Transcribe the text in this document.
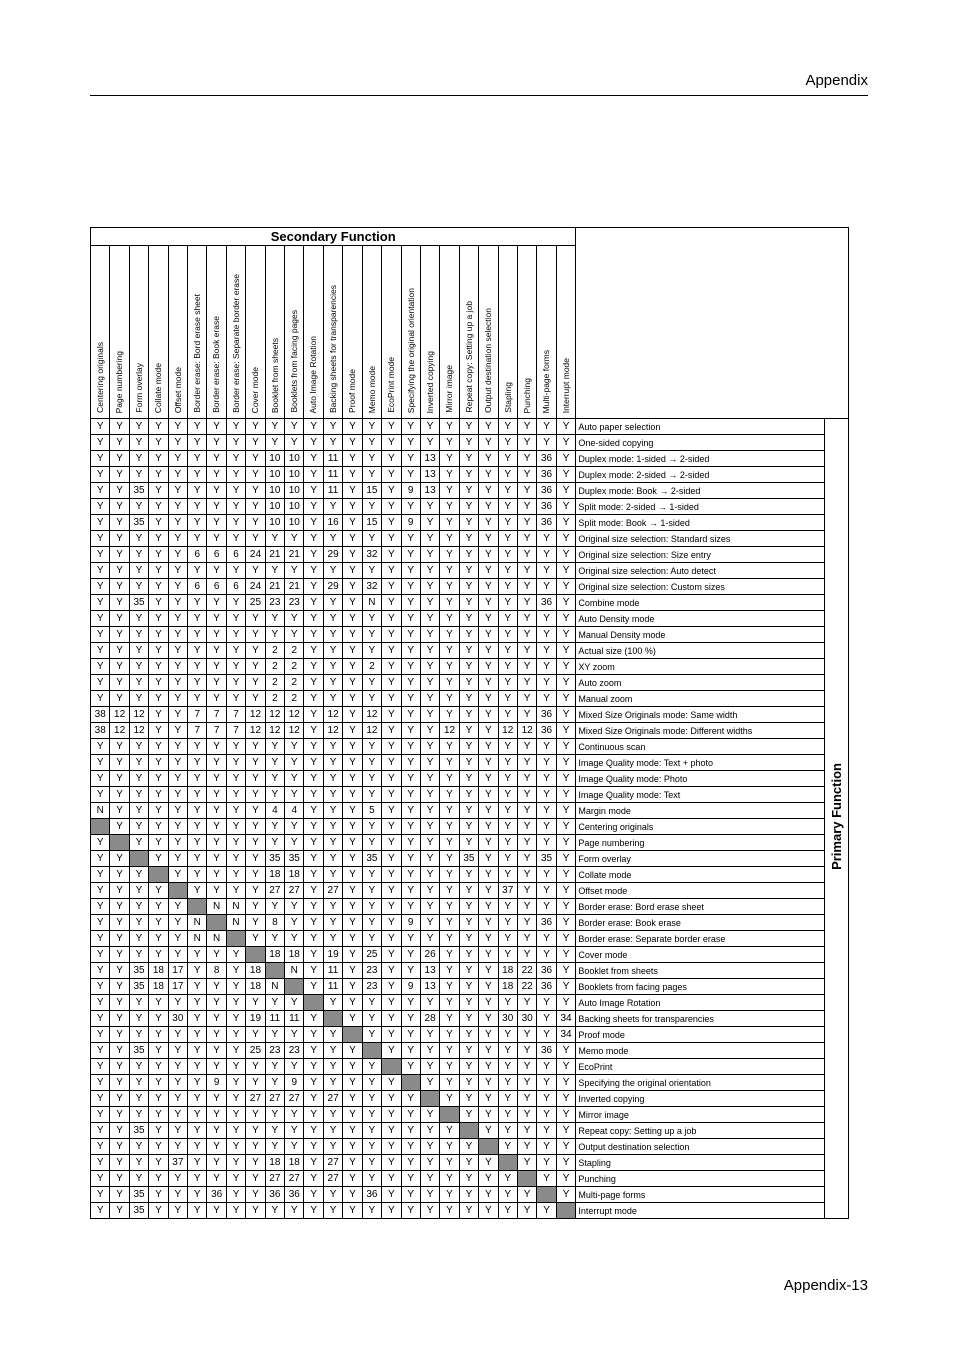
Appendix
Secondary Function																										
Centering originals	Page numbering	Form overlay	Collate mode	Offset mode	Border erase: Bord erase sheet	Border erase: Book erase	Border erase: Separate border erase	Cover mode	Booklet from sheets	Booklets from facing pages	Auto Image Rotation	Backing sheets for transparencies	Proof mode	Memo mode	EcoPrint mode	Specifying the original orientation	Inverted copying	Mirror image	Repeat copy: Setting up a job	Output destination selection	Stapling	Punching	Multi-page forms	Interrupt mode		
Y	Y	Y	Y	Y	Y	Y	Y	Y	Y	Y	Y	Y	Y	Y	Y	Y	Y	Y	Y	Y	Y	Y	Y	Y	Auto paper selection	Primary Function
Y	Y	Y	Y	Y	Y	Y	Y	Y	Y	Y	Y	Y	Y	Y	Y	Y	Y	Y	Y	Y	Y	Y	Y	Y	One-sided copying	
Y	Y	Y	Y	Y	Y	Y	Y	Y	10	10	Y	11	Y	Y	Y	Y	13	Y	Y	Y	Y	Y	36	Y	Duplex mode: 1-sided → 2-sided	
Y	Y	Y	Y	Y	Y	Y	Y	Y	10	10	Y	11	Y	Y	Y	Y	13	Y	Y	Y	Y	Y	36	Y	Duplex mode: 2-sided → 2-sided	
Y	Y	35	Y	Y	Y	Y	Y	Y	10	10	Y	11	Y	15	Y	9	13	Y	Y	Y	Y	Y	36	Y	Duplex mode: Book → 2-sided	
Y	Y	Y	Y	Y	Y	Y	Y	Y	10	10	Y	Y	Y	Y	Y	Y	Y	Y	Y	Y	Y	Y	36	Y	Split mode: 2-sided → 1-sided	
Y	Y	35	Y	Y	Y	Y	Y	Y	10	10	Y	16	Y	15	Y	9	Y	Y	Y	Y	Y	Y	36	Y	Split mode: Book → 1-sided	
Y	Y	Y	Y	Y	Y	Y	Y	Y	Y	Y	Y	Y	Y	Y	Y	Y	Y	Y	Y	Y	Y	Y	Y	Y	Original size selection: Standard sizes	
Y	Y	Y	Y	Y	6	6	6	24	21	21	Y	29	Y	32	Y	Y	Y	Y	Y	Y	Y	Y	Y	Y	Original size selection: Size entry	
Y	Y	Y	Y	Y	Y	Y	Y	Y	Y	Y	Y	Y	Y	Y	Y	Y	Y	Y	Y	Y	Y	Y	Y	Y	Original size selection: Auto detect	
Y	Y	Y	Y	Y	6	6	6	24	21	21	Y	29	Y	32	Y	Y	Y	Y	Y	Y	Y	Y	Y	Y	Original size selection: Custom sizes	
Y	Y	35	Y	Y	Y	Y	Y	25	23	23	Y	Y	Y	N	Y	Y	Y	Y	Y	Y	Y	Y	36	Y	Combine mode	
Y	Y	Y	Y	Y	Y	Y	Y	Y	Y	Y	Y	Y	Y	Y	Y	Y	Y	Y	Y	Y	Y	Y	Y	Y	Auto Density mode	
Y	Y	Y	Y	Y	Y	Y	Y	Y	Y	Y	Y	Y	Y	Y	Y	Y	Y	Y	Y	Y	Y	Y	Y	Y	Manual Density mode	
Y	Y	Y	Y	Y	Y	Y	Y	Y	2	2	Y	Y	Y	Y	Y	Y	Y	Y	Y	Y	Y	Y	Y	Y	Actual size (100 %)	
Y	Y	Y	Y	Y	Y	Y	Y	Y	2	2	Y	Y	Y	2	Y	Y	Y	Y	Y	Y	Y	Y	Y	Y	XY zoom	
Y	Y	Y	Y	Y	Y	Y	Y	Y	2	2	Y	Y	Y	Y	Y	Y	Y	Y	Y	Y	Y	Y	Y	Y	Auto zoom	
Y	Y	Y	Y	Y	Y	Y	Y	Y	2	2	Y	Y	Y	Y	Y	Y	Y	Y	Y	Y	Y	Y	Y	Y	Manual zoom	
38	12	12	Y	Y	7	7	7	12	12	12	Y	12	Y	12	Y	Y	Y	Y	Y	Y	Y	Y	36	Y	Mixed Size Originals mode: Same width	
38	12	12	Y	Y	7	7	7	12	12	12	Y	12	Y	12	Y	Y	Y	12	Y	Y	12	12	36	Y	Mixed Size Originals mode: Different widths	
Y	Y	Y	Y	Y	Y	Y	Y	Y	Y	Y	Y	Y	Y	Y	Y	Y	Y	Y	Y	Y	Y	Y	Y	Y	Continuous scan	
Y	Y	Y	Y	Y	Y	Y	Y	Y	Y	Y	Y	Y	Y	Y	Y	Y	Y	Y	Y	Y	Y	Y	Y	Y	Image Quality mode: Text + photo	
Y	Y	Y	Y	Y	Y	Y	Y	Y	Y	Y	Y	Y	Y	Y	Y	Y	Y	Y	Y	Y	Y	Y	Y	Y	Image Quality mode: Photo	
Y	Y	Y	Y	Y	Y	Y	Y	Y	Y	Y	Y	Y	Y	Y	Y	Y	Y	Y	Y	Y	Y	Y	Y	Y	Image Quality mode: Text	
N	Y	Y	Y	Y	Y	Y	Y	Y	4	4	Y	Y	Y	5	Y	Y	Y	Y	Y	Y	Y	Y	Y	Y	Margin mode	
	Y	Y	Y	Y	Y	Y	Y	Y	Y	Y	Y	Y	Y	Y	Y	Y	Y	Y	Y	Y	Y	Y	Y	Y	Centering originals	
Y		Y	Y	Y	Y	Y	Y	Y	Y	Y	Y	Y	Y	Y	Y	Y	Y	Y	Y	Y	Y	Y	Y	Y	Page numbering	
Y	Y		Y	Y	Y	Y	Y	Y	35	35	Y	Y	Y	35	Y	Y	Y	Y	35	Y	Y	Y	35	Y	Form overlay	
Y	Y	Y		Y	Y	Y	Y	Y	18	18	Y	Y	Y	Y	Y	Y	Y	Y	Y	Y	Y	Y	Y	Y	Collate mode	
Y	Y	Y	Y		Y	Y	Y	Y	27	27	Y	27	Y	Y	Y	Y	Y	Y	Y	Y	37	Y	Y	Y	Offset mode	
Y	Y	Y	Y	Y		N	N	Y	Y	Y	Y	Y	Y	Y	Y	Y	Y	Y	Y	Y	Y	Y	Y	Y	Border erase: Bord erase sheet	
Y	Y	Y	Y	Y	N		N	Y	8	Y	Y	Y	Y	Y	Y	9	Y	Y	Y	Y	Y	Y	36	Y	Border erase: Book erase	
Y	Y	Y	Y	Y	N	N		Y	Y	Y	Y	Y	Y	Y	Y	Y	Y	Y	Y	Y	Y	Y	Y	Y	Border erase: Separate border erase	
Y	Y	Y	Y	Y	Y	Y	Y		18	18	Y	19	Y	25	Y	Y	26	Y	Y	Y	Y	Y	Y	Y	Cover mode	
Y	Y	35	18	17	Y	8	Y	18		N	Y	11	Y	23	Y	Y	13	Y	Y	Y	18	22	36	Y	Booklet from sheets	
Y	Y	35	18	17	Y	Y	Y	18	N		Y	11	Y	23	Y	9	13	Y	Y	Y	18	22	36	Y	Booklets from facing pages	
Y	Y	Y	Y	Y	Y	Y	Y	Y	Y	Y		Y	Y	Y	Y	Y	Y	Y	Y	Y	Y	Y	Y	Y	Auto Image Rotation	
Y	Y	Y	Y	30	Y	Y	Y	19	11	11	Y		Y	Y	Y	Y	28	Y	Y	Y	30	30	Y	34	Backing sheets for transparencies	
Y	Y	Y	Y	Y	Y	Y	Y	Y	Y	Y	Y	Y		Y	Y	Y	Y	Y	Y	Y	Y	Y	Y	34	Proof mode	
Y	Y	35	Y	Y	Y	Y	Y	25	23	23	Y	Y	Y		Y	Y	Y	Y	Y	Y	Y	Y	36	Y	Memo mode	
Y	Y	Y	Y	Y	Y	Y	Y	Y	Y	Y	Y	Y	Y	Y		Y	Y	Y	Y	Y	Y	Y	Y	Y	EcoPrint	
Y	Y	Y	Y	Y	Y	9	Y	Y	Y	9	Y	Y	Y	Y	Y		Y	Y	Y	Y	Y	Y	Y	Y	Specifying the original orientation	
Y	Y	Y	Y	Y	Y	Y	Y	27	27	27	Y	27	Y	Y	Y	Y		Y	Y	Y	Y	Y	Y	Y	Inverted copying	
Y	Y	Y	Y	Y	Y	Y	Y	Y	Y	Y	Y	Y	Y	Y	Y	Y	Y		Y	Y	Y	Y	Y	Y	Mirror image	
Y	Y	35	Y	Y	Y	Y	Y	Y	Y	Y	Y	Y	Y	Y	Y	Y	Y	Y		Y	Y	Y	Y	Y	Repeat copy: Setting up a job	
Y	Y	Y	Y	Y	Y	Y	Y	Y	Y	Y	Y	Y	Y	Y	Y	Y	Y	Y	Y		Y	Y	Y	Y	Output destination selection	
Y	Y	Y	Y	37	Y	Y	Y	Y	18	18	Y	27	Y	Y	Y	Y	Y	Y	Y	Y		Y	Y	Y	Stapling	
Y	Y	Y	Y	Y	Y	Y	Y	Y	27	27	Y	27	Y	Y	Y	Y	Y	Y	Y	Y	Y		Y	Y	Punching	
Y	Y	35	Y	Y	Y	36	Y	Y	36	36	Y	Y	Y	36	Y	Y	Y	Y	Y	Y	Y	Y		Y	Multi-page forms	
Y	Y	35	Y	Y	Y	Y	Y	Y	Y	Y	Y	Y	Y	Y	Y	Y	Y	Y	Y	Y	Y	Y	Y		Interrupt mode	
Appendix-13
